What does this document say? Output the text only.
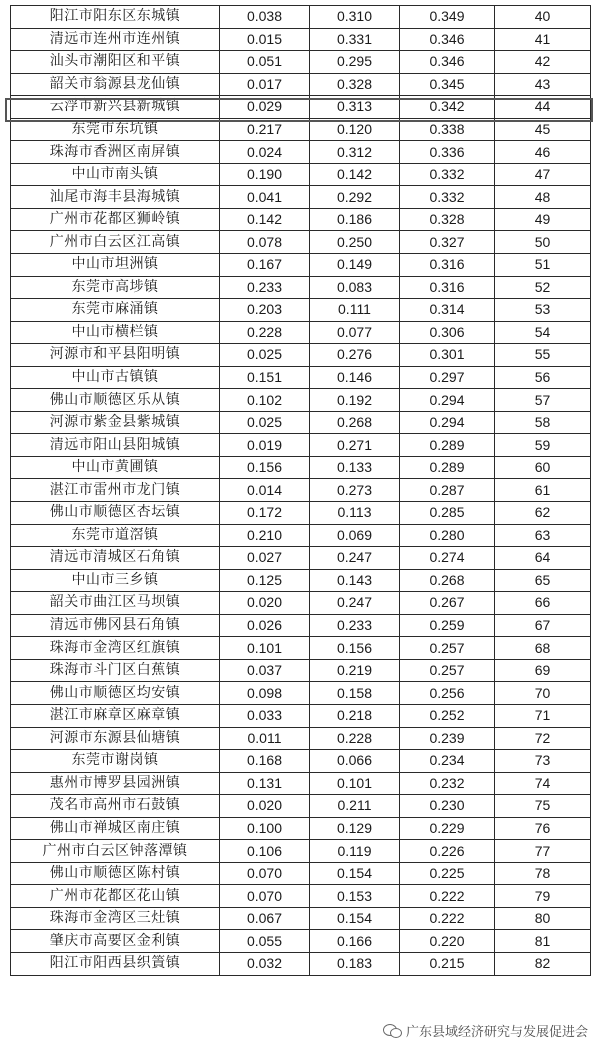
阳江市阳东区东城镇	0.038	0.310	0.349	40
清远市连州市连州镇	0.015	0.331	0.346	41
汕头市潮阳区和平镇	0.051	0.295	0.346	42
韶关市翁源县龙仙镇	0.017	0.328	0.345	43
云浮市新兴县新城镇	0.029	0.313	0.342	44
东莞市东坑镇	0.217	0.120	0.338	45
珠海市香洲区南屏镇	0.024	0.312	0.336	46
中山市南头镇	0.190	0.142	0.332	47
汕尾市海丰县海城镇	0.041	0.292	0.332	48
广州市花都区狮岭镇	0.142	0.186	0.328	49
广州市白云区江高镇	0.078	0.250	0.327	50
中山市坦洲镇	0.167	0.149	0.316	51
东莞市高埗镇	0.233	0.083	0.316	52
东莞市麻涌镇	0.203	0.111	0.314	53
中山市横栏镇	0.228	0.077	0.306	54
河源市和平县阳明镇	0.025	0.276	0.301	55
中山市古镇镇	0.151	0.146	0.297	56
佛山市顺德区乐从镇	0.102	0.192	0.294	57
河源市紫金县紫城镇	0.025	0.268	0.294	58
清远市阳山县阳城镇	0.019	0.271	0.289	59
中山市黄圃镇	0.156	0.133	0.289	60
湛江市雷州市龙门镇	0.014	0.273	0.287	61
佛山市顺德区杏坛镇	0.172	0.113	0.285	62
东莞市道滘镇	0.210	0.069	0.280	63
清远市清城区石角镇	0.027	0.247	0.274	64
中山市三乡镇	0.125	0.143	0.268	65
韶关市曲江区马坝镇	0.020	0.247	0.267	66
清远市佛冈县石角镇	0.026	0.233	0.259	67
珠海市金湾区红旗镇	0.101	0.156	0.257	68
珠海市斗门区白蕉镇	0.037	0.219	0.257	69
佛山市顺德区均安镇	0.098	0.158	0.256	70
湛江市麻章区麻章镇	0.033	0.218	0.252	71
河源市东源县仙塘镇	0.011	0.228	0.239	72
东莞市谢岗镇	0.168	0.066	0.234	73
惠州市博罗县园洲镇	0.131	0.101	0.232	74
茂名市高州市石鼓镇	0.020	0.211	0.230	75
佛山市禅城区南庄镇	0.100	0.129	0.229	76
广州市白云区钟落潭镇	0.106	0.119	0.226	77
佛山市顺德区陈村镇	0.070	0.154	0.225	78
广州市花都区花山镇	0.070	0.153	0.222	79
珠海市金湾区三灶镇	0.067	0.154	0.222	80
肇庆市高要区金利镇	0.055	0.166	0.220	81
阳江市阳西县织篢镇	0.032	0.183	0.215	82
广东县域经济研究与发展促进会
